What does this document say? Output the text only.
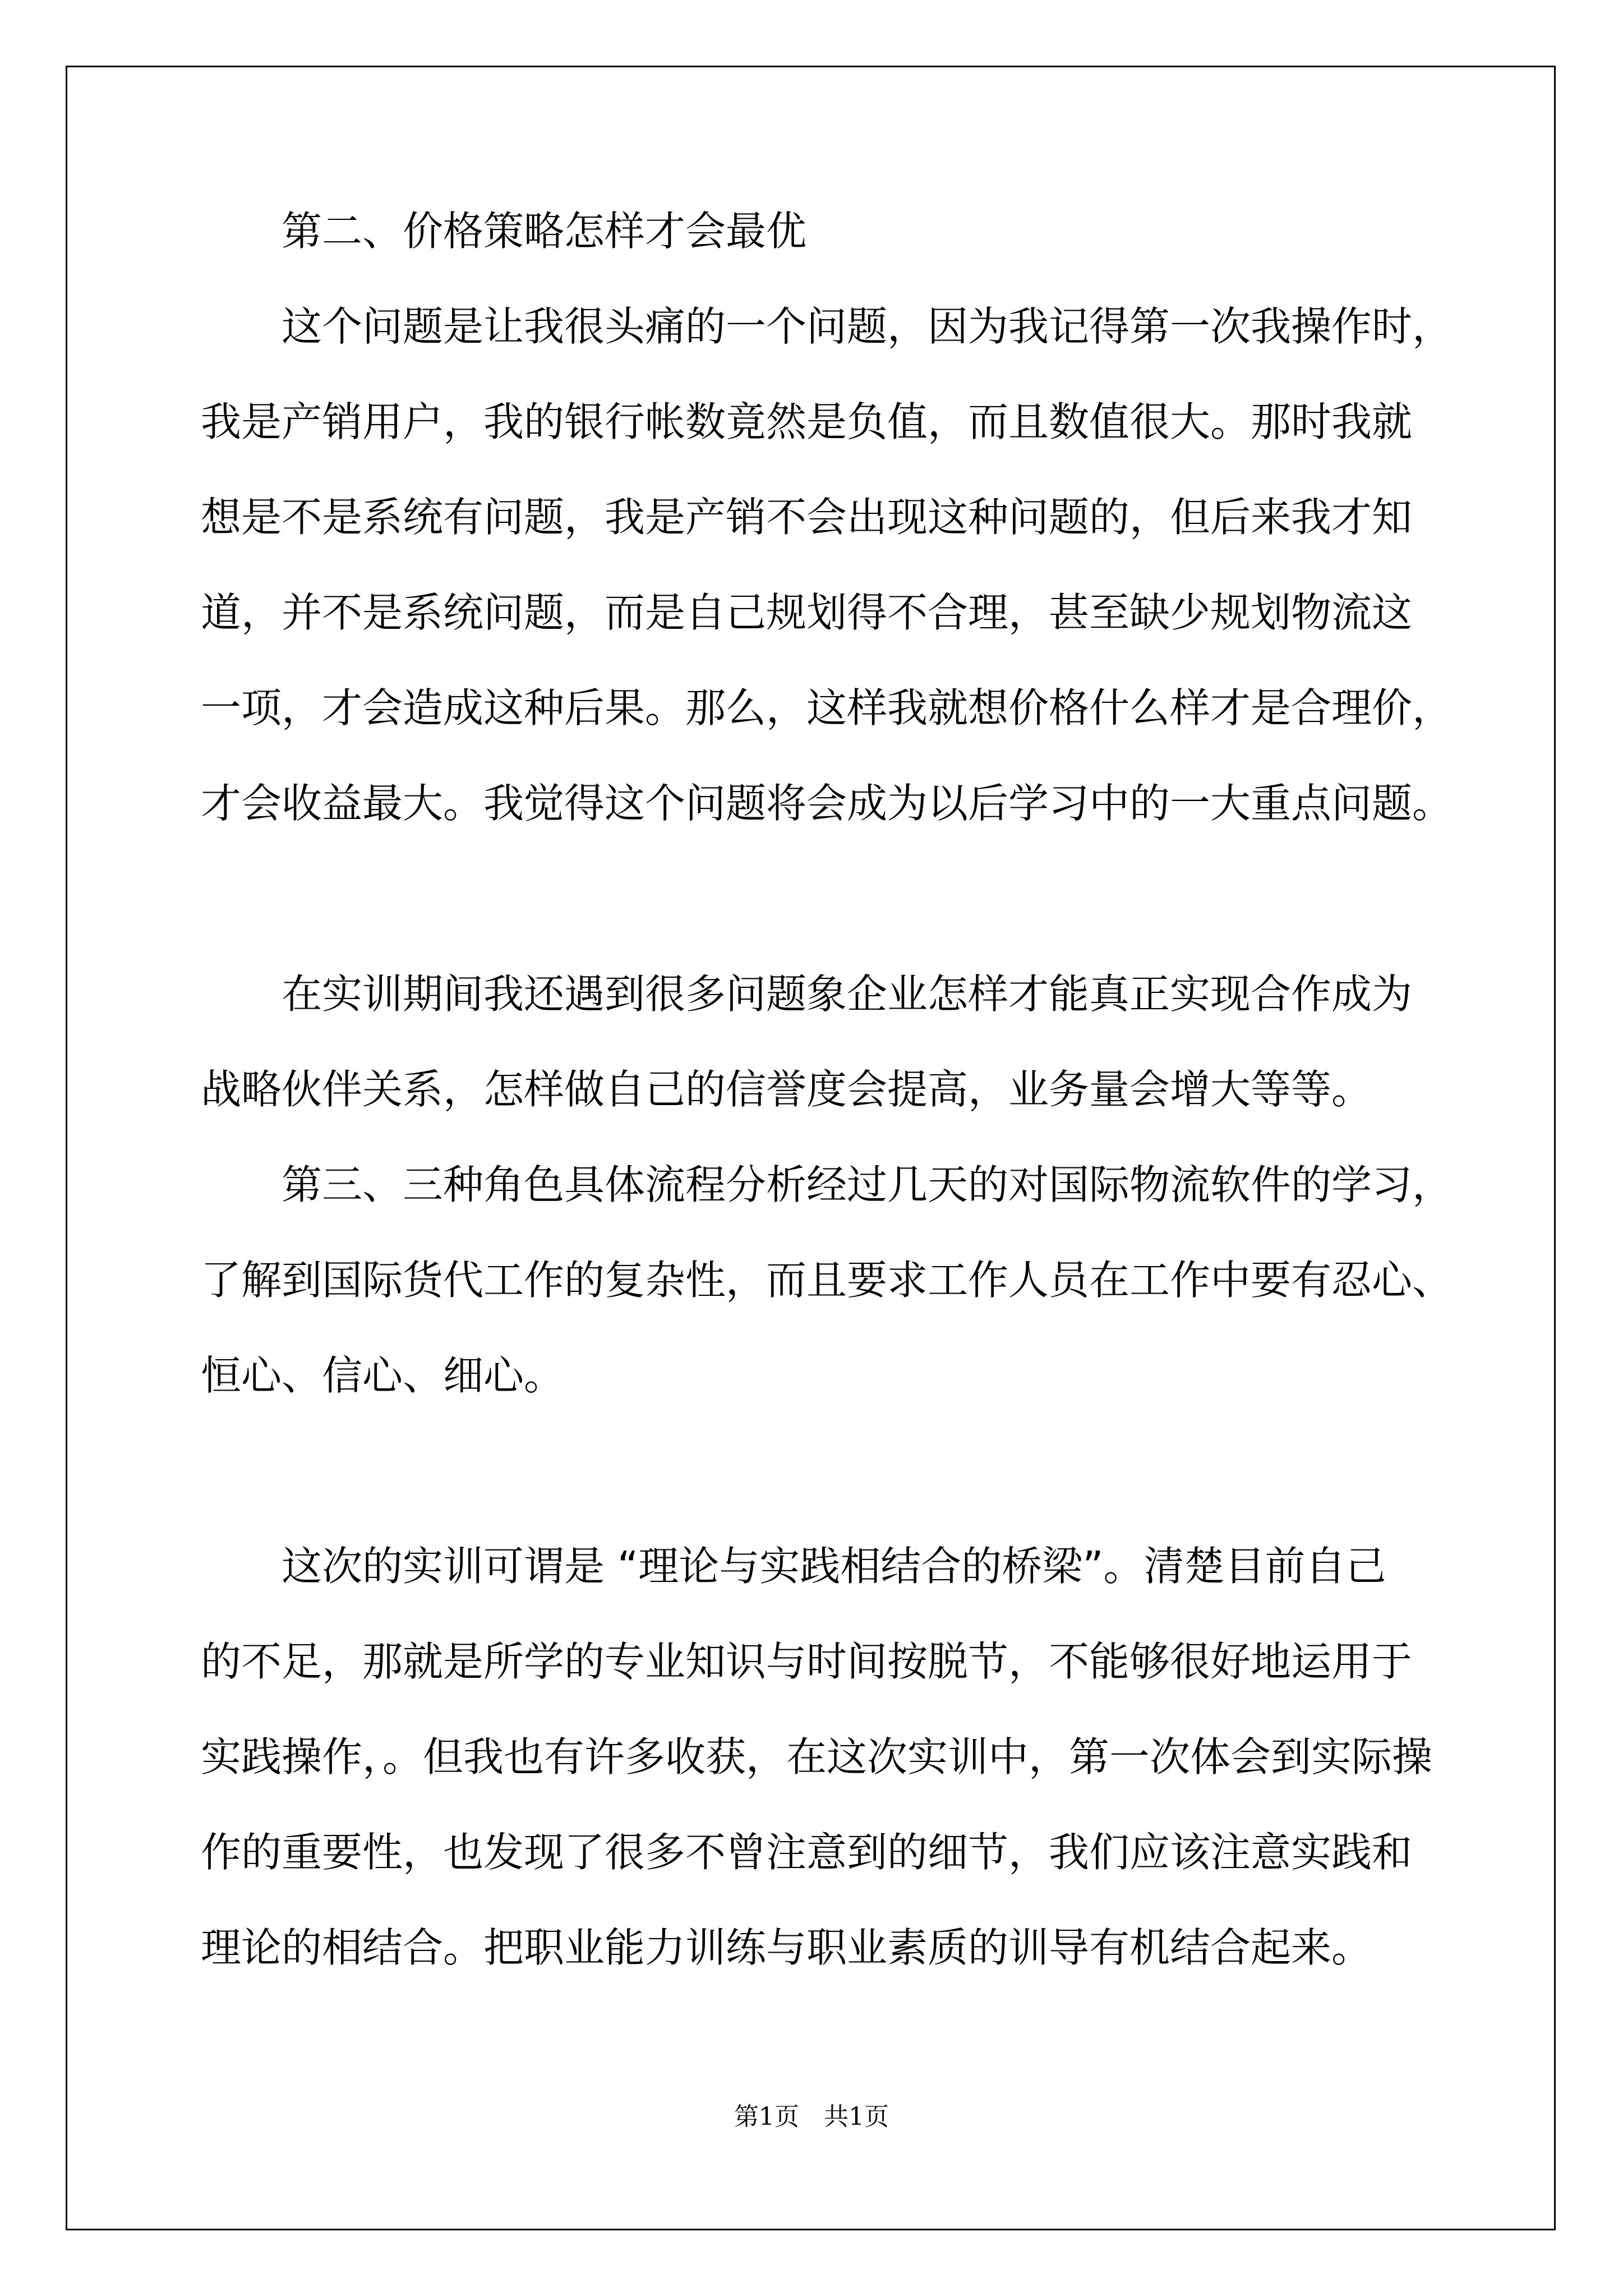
　　第二、价格策略怎样才会最优
　　这个问题是让我很头痛的一个问题，因为我记得第一次我操作时，
我是产销用户，我的银行帐数竟然是负值，而且数值很大。那时我就
想是不是系统有问题，我是产销不会出现这种问题的，但后来我才知
道，并不是系统问题，而是自己规划得不合理，甚至缺少规划物流这
一项，才会造成这种后果。那么，这样我就想价格什么样才是合理价，
才会收益最大。我觉得这个问题将会成为以后学习中的一大重点问题。
　　在实训期间我还遇到很多问题象企业怎样才能真正实现合作成为
战略伙伴关系，怎样做自己的信誉度会提高，业务量会增大等等。
　　第三、三种角色具体流程分析经过几天的对国际物流软件的学习，
了解到国际货代工作的复杂性，而且要求工作人员在工作中要有忍心、
恒心、信心、细心。
　　这次的实训可谓是 “理论与实践相结合的桥梁”。清楚目前自己
的不足，那就是所学的专业知识与时间按脱节，不能够很好地运用于
实践操作，。但我也有许多收获，在这次实训中，第一次体会到实际操
作的重要性，也发现了很多不曾注意到的细节，我们应该注意实践和
理论的相结合。把职业能力训练与职业素质的训导有机结合起来。
第1页　共1页
